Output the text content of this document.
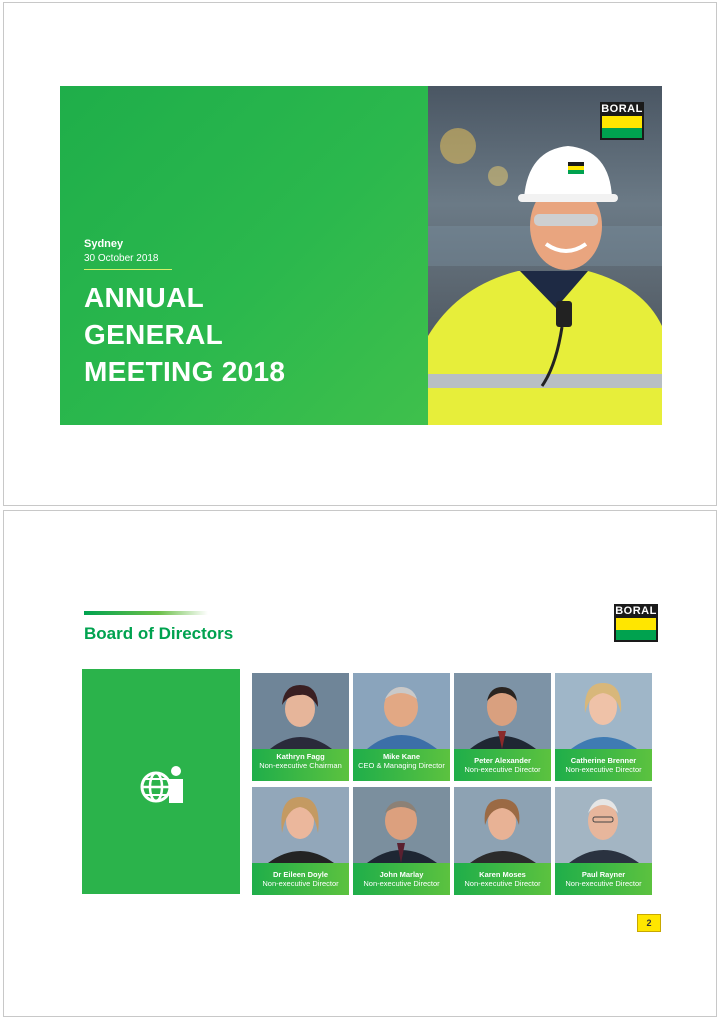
Sydney
30 October 2018
ANNUAL
GENERAL
MEETING 2018
BORAL
Board of Directors
BORAL
Kathryn Fagg
Non-executive Chairman
Mike Kane
CEO & Managing Director
Peter Alexander
Non-executive Director
Catherine Brenner
Non-executive Director
Dr Eileen Doyle
Non-executive Director
John Marlay
Non-executive Director
Karen Moses
Non-executive Director
Paul Rayner
Non-executive Director
2
